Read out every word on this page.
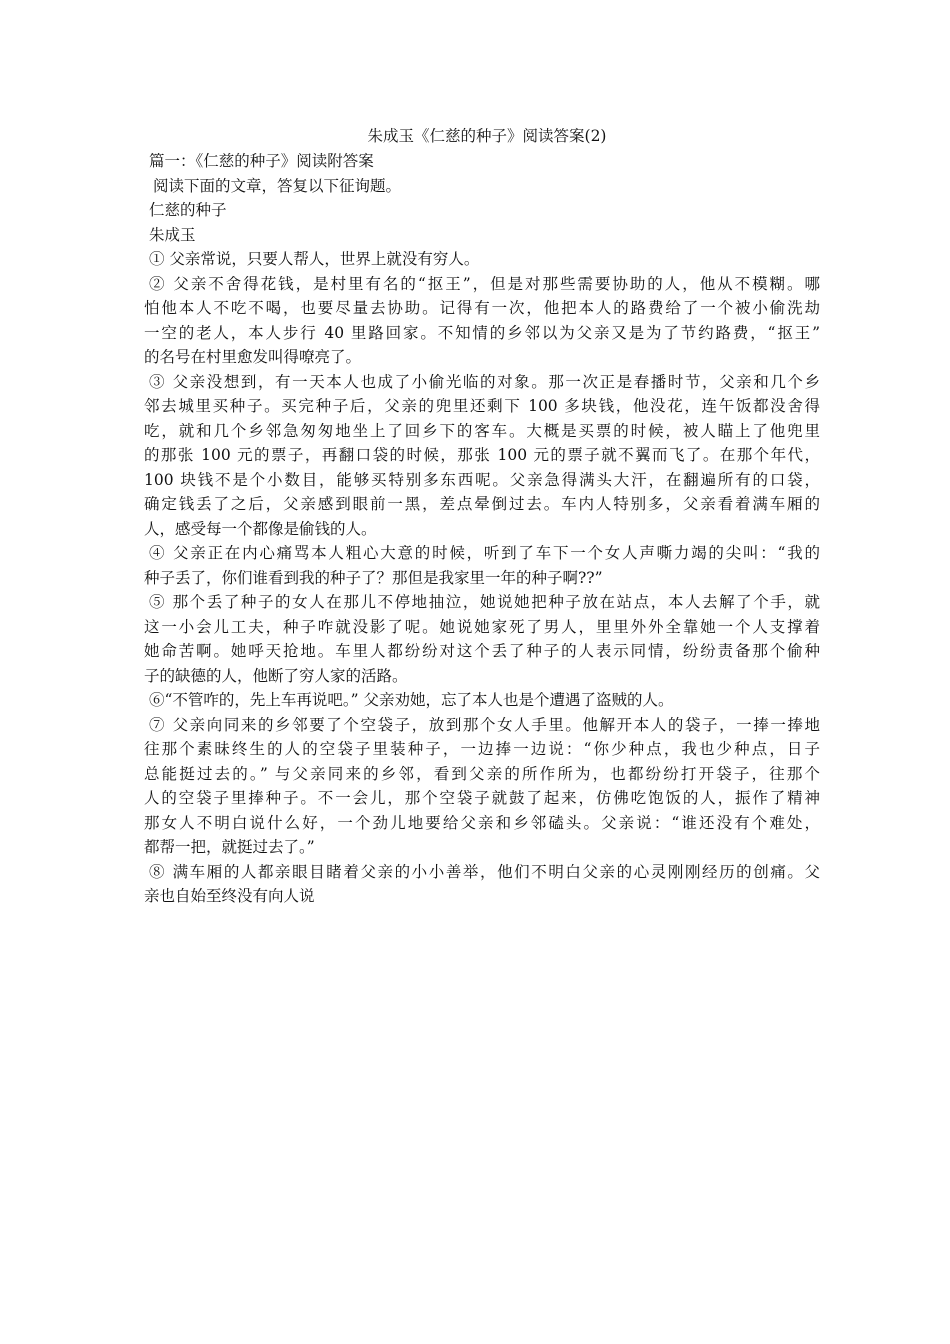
朱成玉《仁慈的种子》阅读答案(2)

篇一：《仁慈的种子》阅读附答案

阅读下面的文章，答复以下征询题。

仁慈的种子

朱成玉

① 父亲常说，只要人帮人，世界上就没有穷人。

② 父亲不舍得花钱，是村里有名的“抠王”，但是对那些需要协助的人，他从不模糊。哪

怕他本人不吃不喝，也要尽量去协助。记得有一次，他把本人的路费给了一个被小偷洗劫

一空的老人，本人步行 40 里路回家。不知情的乡邻以为父亲又是为了节约路费，“抠王”

的名号在村里愈发叫得嘹亮了。

③ 父亲没想到，有一天本人也成了小偷光临的对象。那一次正是春播时节，父亲和几个乡

邻去城里买种子。买完种子后，父亲的兜里还剩下 100 多块钱，他没花，连午饭都没舍得

吃，就和几个乡邻急匆匆地坐上了回乡下的客车。大概是买票的时候，被人瞄上了他兜里

的那张 100 元的票子，再翻口袋的时候，那张 100 元的票子就不翼而飞了。在那个年代，

100 块钱不是个小数目，能够买特别多东西呢。父亲急得满头大汗，在翻遍所有的口袋，

确定钱丢了之后，父亲感到眼前一黑，差点晕倒过去。车内人特别多，父亲看着满车厢的

人，感受每一个都像是偷钱的人。

④ 父亲正在内心痛骂本人粗心大意的时候，听到了车下一个女人声嘶力竭的尖叫：“我的

种子丢了，你们谁看到我的种子了？那但是我家里一年的种子啊??”

⑤ 那个丢了种子的女人在那儿不停地抽泣，她说她把种子放在站点，本人去解了个手，就

这一小会儿工夫，种子咋就没影了呢。她说她家死了男人，里里外外全靠她一个人支撑着

她命苦啊。她呼天抢地。车里人都纷纷对这个丢了种子的人表示同情，纷纷责备那个偷种

子的缺德的人，他断了穷人家的活路。

⑥“不管咋的，先上车再说吧。” 父亲劝她，忘了本人也是个遭遇了盗贼的人。

⑦ 父亲向同来的乡邻要了个空袋子，放到那个女人手里。他解开本人的袋子，一捧一捧地

往那个素昧终生的人的空袋子里装种子，一边捧一边说：“你少种点，我也少种点，日子

总能挺过去的。” 与父亲同来的乡邻，看到父亲的所作所为，也都纷纷打开袋子，往那个

人的空袋子里捧种子。不一会儿，那个空袋子就鼓了起来，仿佛吃饱饭的人，振作了精神

那女人不明白说什么好，一个劲儿地要给父亲和乡邻磕头。父亲说：“谁还没有个难处，

都帮一把，就挺过去了。”

⑧ 满车厢的人都亲眼目睹着父亲的小小善举，他们不明白父亲的心灵刚刚经历的创痛。父

亲也自始至终没有向人说
